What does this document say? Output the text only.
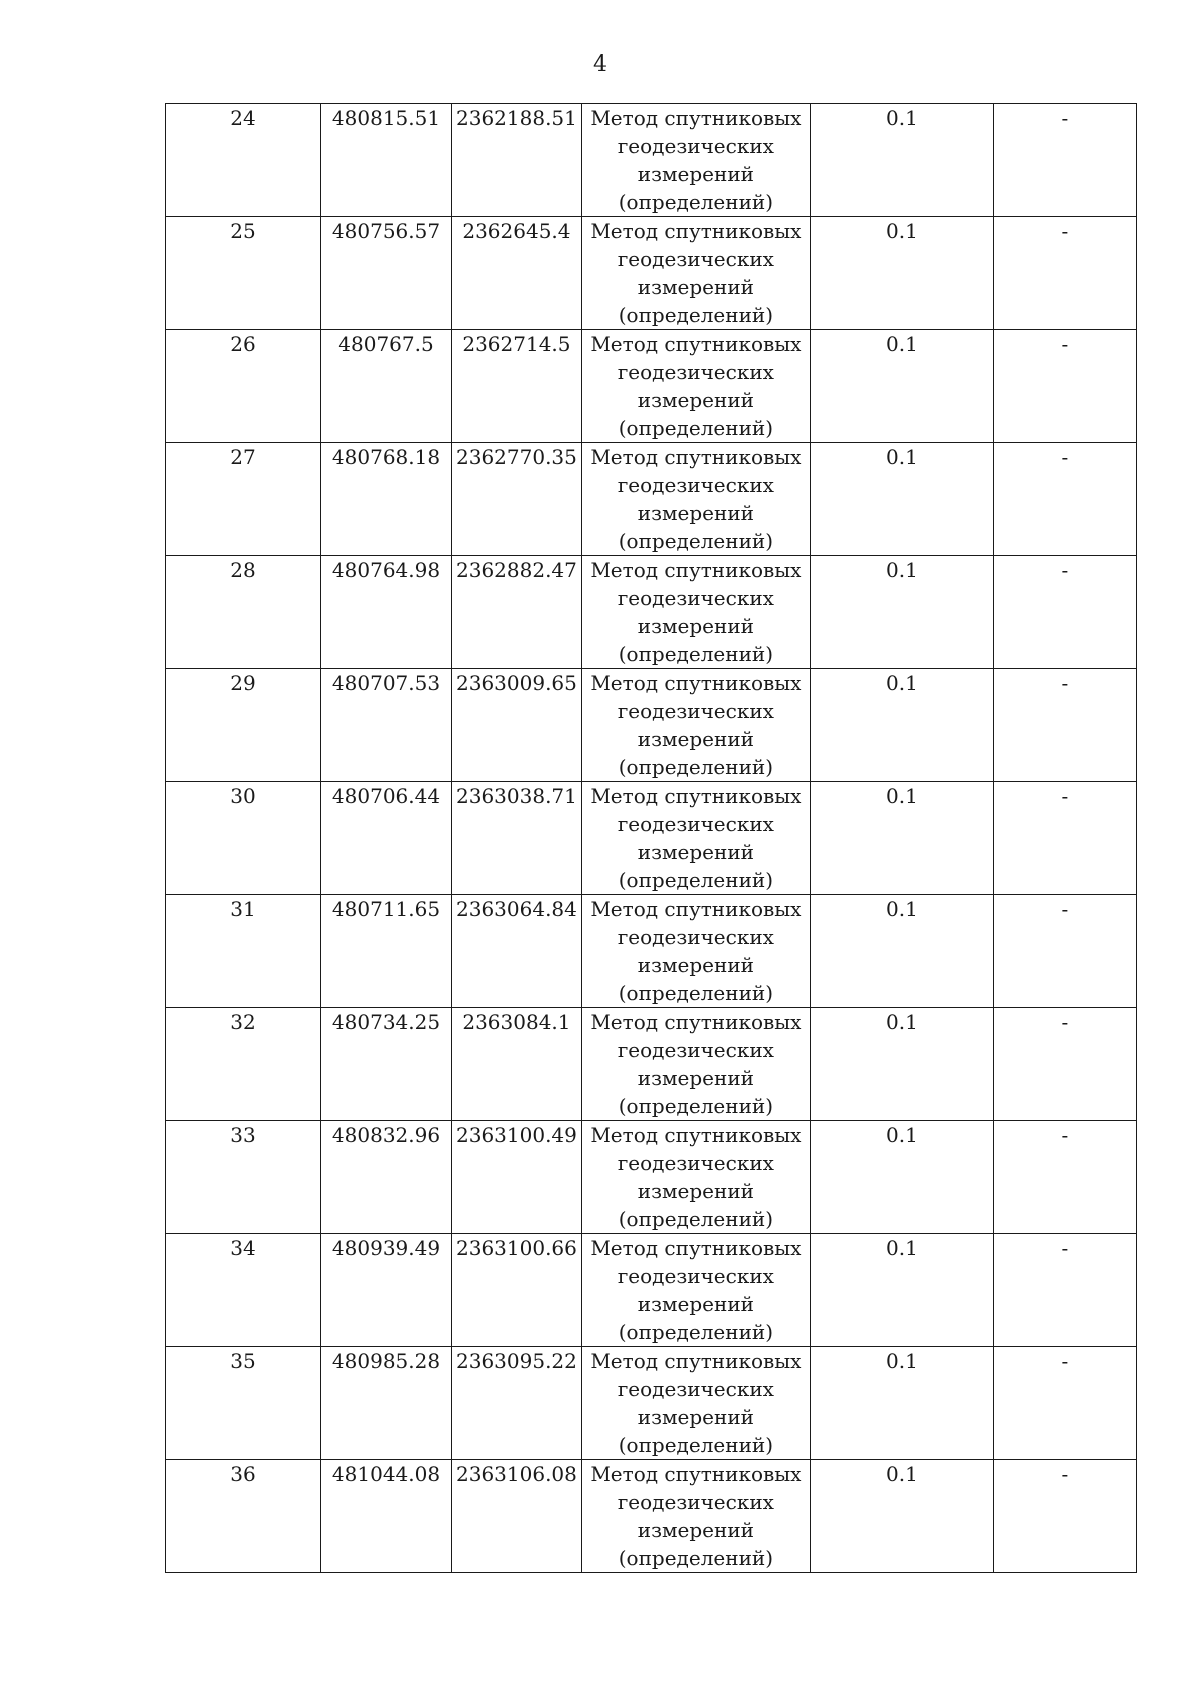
4
24	480815.51	2362188.51	Метод спутниковых
геодезических
измерений
(определений)	0.1	-
25	480756.57	2362645.4	Метод спутниковых
геодезических
измерений
(определений)	0.1	-
26	480767.5	2362714.5	Метод спутниковых
геодезических
измерений
(определений)	0.1	-
27	480768.18	2362770.35	Метод спутниковых
геодезических
измерений
(определений)	0.1	-
28	480764.98	2362882.47	Метод спутниковых
геодезических
измерений
(определений)	0.1	-
29	480707.53	2363009.65	Метод спутниковых
геодезических
измерений
(определений)	0.1	-
30	480706.44	2363038.71	Метод спутниковых
геодезических
измерений
(определений)	0.1	-
31	480711.65	2363064.84	Метод спутниковых
геодезических
измерений
(определений)	0.1	-
32	480734.25	2363084.1	Метод спутниковых
геодезических
измерений
(определений)	0.1	-
33	480832.96	2363100.49	Метод спутниковых
геодезических
измерений
(определений)	0.1	-
34	480939.49	2363100.66	Метод спутниковых
геодезических
измерений
(определений)	0.1	-
35	480985.28	2363095.22	Метод спутниковых
геодезических
измерений
(определений)	0.1	-
36	481044.08	2363106.08	Метод спутниковых
геодезических
измерений
(определений)	0.1	-
